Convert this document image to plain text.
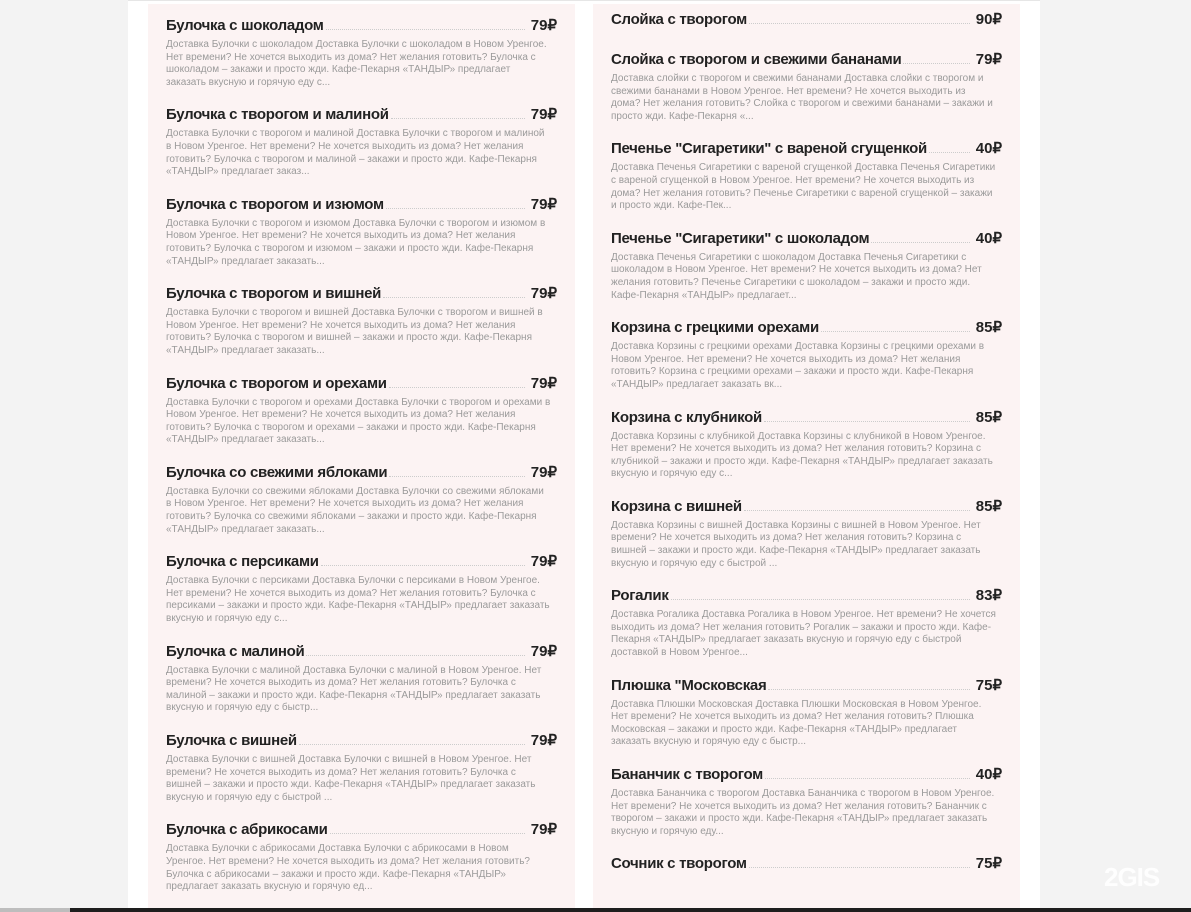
Булочка с шоколадом	79₽
Доставка Булочки с шоколадом Доставка Булочки с шоколадом в Новом Уренгое. Нет времени? Не хочется выходить из дома? Нет желания готовить? Булочка с шоколадом – закажи и просто жди. Кафе-Пекарня «ТАНДЫР» предлагает заказать вкусную и горячую еду с...
Булочка с творогом и малиной	79₽
Доставка Булочки с творогом и малиной Доставка Булочки с творогом и малиной в Новом Уренгое. Нет времени? Не хочется выходить из дома? Нет желания готовить? Булочка с творогом и малиной – закажи и просто жди. Кафе-Пекарня «ТАНДЫР» предлагает заказ...
Булочка с творогом и изюмом	79₽
Доставка Булочки с творогом и изюмом Доставка Булочки с творогом и изюмом в Новом Уренгое. Нет времени? Не хочется выходить из дома? Нет желания готовить? Булочка с творогом и изюмом – закажи и просто жди. Кафе-Пекарня «ТАНДЫР» предлагает заказать...
Булочка с творогом и вишней	79₽
Доставка Булочки с творогом и вишней Доставка Булочки с творогом и вишней в Новом Уренгое. Нет времени? Не хочется выходить из дома? Нет желания готовить? Булочка с творогом и вишней – закажи и просто жди. Кафе-Пекарня «ТАНДЫР» предлагает заказать...
Булочка с творогом и орехами	79₽
Доставка Булочки с творогом и орехами Доставка Булочки с творогом и орехами в Новом Уренгое. Нет времени? Не хочется выходить из дома? Нет желания готовить? Булочка с творогом и орехами – закажи и просто жди. Кафе-Пекарня «ТАНДЫР» предлагает заказать...
Булочка со свежими яблоками	79₽
Доставка Булочки со свежими яблоками Доставка Булочки со свежими яблоками в Новом Уренгое. Нет времени? Не хочется выходить из дома? Нет желания готовить? Булочка со свежими яблоками – закажи и просто жди. Кафе-Пекарня «ТАНДЫР» предлагает заказать...
Булочка с персиками	79₽
Доставка Булочки с персиками Доставка Булочки с персиками в Новом Уренгое. Нет времени? Не хочется выходить из дома? Нет желания готовить? Булочка с персиками – закажи и просто жди. Кафе-Пекарня «ТАНДЫР» предлагает заказать вкусную и горячую еду с...
Булочка с малиной	79₽
Доставка Булочки с малиной Доставка Булочки с малиной в Новом Уренгое. Нет времени? Не хочется выходить из дома? Нет желания готовить? Булочка с малиной – закажи и просто жди. Кафе-Пекарня «ТАНДЫР» предлагает заказать вкусную и горячую еду с быстр...
Булочка с вишней	79₽
Доставка Булочки с вишней Доставка Булочки с вишней в Новом Уренгое. Нет времени? Не хочется выходить из дома? Нет желания готовить? Булочка с вишней – закажи и просто жди. Кафе-Пекарня «ТАНДЫР» предлагает заказать вкусную и горячую еду с быстрой ...
Булочка с абрикосами	79₽
Доставка Булочки с абрикосами Доставка Булочки с абрикосами в Новом Уренгое. Нет времени? Не хочется выходить из дома? Нет желания готовить? Булочка с абрикосами – закажи и просто жди. Кафе-Пекарня «ТАНДЫР» предлагает заказать вкусную и горячую ед...
Слойка с творогом	90₽
Слойка с творогом и свежими бананами	79₽
Доставка слойки с творогом и свежими бананами Доставка слойки с творогом и свежими бананами в Новом Уренгое. Нет времени? Не хочется выходить из дома? Нет желания готовить? Слойка с творогом и свежими бананами – закажи и просто жди. Кафе-Пекарня «...
Печенье "Сигаретики" с вареной сгущенкой	40₽
Доставка Печенья Сигаретики с вареной сгущенкой Доставка Печенья Сигаретики с вареной сгущенкой в Новом Уренгое. Нет времени? Не хочется выходить из дома? Нет желания готовить? Печенье Сигаретики с вареной сгущенкой – закажи и просто жди. Кафе-Пек...
Печенье "Сигаретики" с шоколадом	40₽
Доставка Печенья Сигаретики с шоколадом Доставка Печенья Сигаретики с шоколадом в Новом Уренгое. Нет времени? Не хочется выходить из дома? Нет желания готовить? Печенье Сигаретики с шоколадом – закажи и просто жди. Кафе-Пекарня «ТАНДЫР» предлагает...
Корзина с грецкими орехами	85₽
Доставка Корзины с грецкими орехами Доставка Корзины с грецкими орехами в Новом Уренгое. Нет времени? Не хочется выходить из дома? Нет желания готовить? Корзина с грецкими орехами – закажи и просто жди. Кафе-Пекарня «ТАНДЫР» предлагает заказать вк...
Корзина с клубникой	85₽
Доставка Корзины с клубникой Доставка Корзины с клубникой в Новом Уренгое. Нет времени? Не хочется выходить из дома? Нет желания готовить? Корзина с клубникой – закажи и просто жди. Кафе-Пекарня «ТАНДЫР» предлагает заказать вкусную и горячую еду с...
Корзина с вишней	85₽
Доставка Корзины с вишней Доставка Корзины с вишней в Новом Уренгое. Нет времени? Не хочется выходить из дома? Нет желания готовить? Корзина с вишней – закажи и просто жди. Кафе-Пекарня «ТАНДЫР» предлагает заказать вкусную и горячую еду с быстрой ...
Рогалик	83₽
Доставка Рогалика Доставка Рогалика в Новом Уренгое. Нет времени? Не хочется выходить из дома? Нет желания готовить? Рогалик – закажи и просто жди. Кафе-Пекарня «ТАНДЫР» предлагает заказать вкусную и горячую еду с быстрой доставкой в Новом Уренгое...
Плюшка "Московская	75₽
Доставка Плюшки Московская Доставка Плюшки Московская в Новом Уренгое. Нет времени? Не хочется выходить из дома? Нет желания готовить? Плюшка Московская – закажи и просто жди. Кафе-Пекарня «ТАНДЫР» предлагает заказать вкусную и горячую еду с быстр...
Бананчик с творогом	40₽
Доставка Бананчика с творогом Доставка Бананчика с творогом в Новом Уренгое. Нет времени? Не хочется выходить из дома? Нет желания готовить? Бананчик с творогом – закажи и просто жди. Кафе-Пекарня «ТАНДЫР» предлагает заказать вкусную и горячую еду...
Сочник с творогом	75₽	2GIS
